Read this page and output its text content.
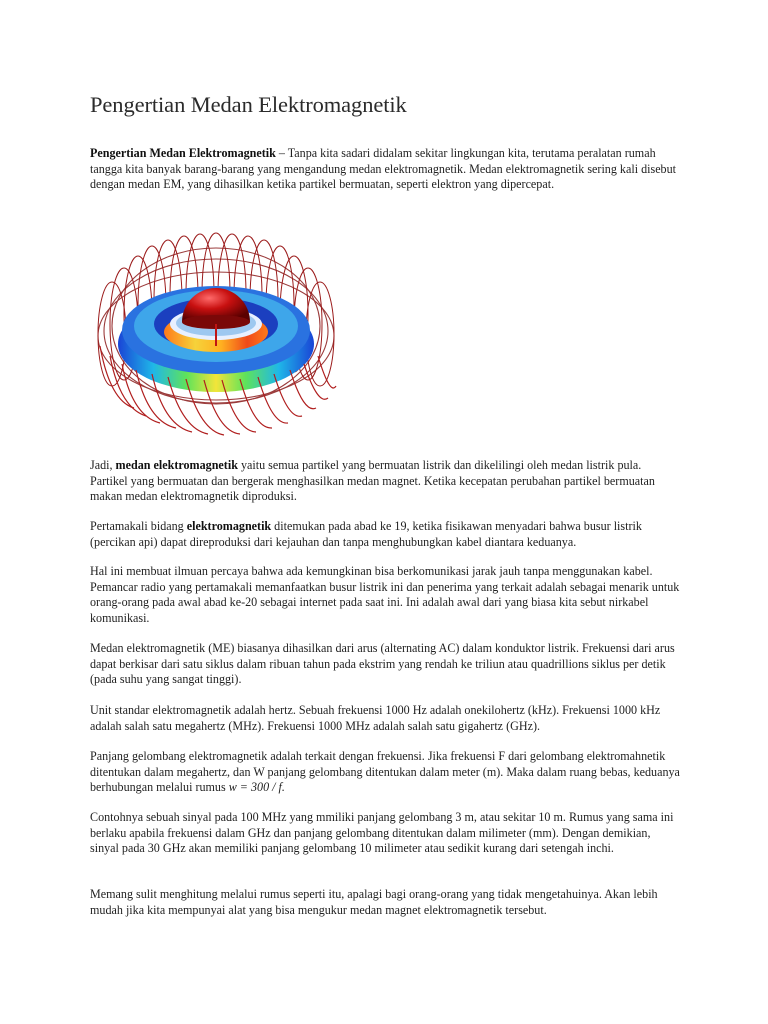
Pengertian Medan Elektromagnetik

Pengertian Medan Elektromagnetik – Tanpa kita sadari didalam sekitar lingkungan kita, terutama peralatan rumah tangga kita banyak barang-barang yang mengandung medan elektromagnetik. Medan elektromagnetik sering kali disebut dengan medan EM, yang dihasilkan ketika partikel bermuatan, seperti elektron yang dipercepat.

Jadi, medan elektromagnetik yaitu semua partikel yang bermuatan listrik dan dikelilingi oleh medan listrik pula. Partikel yang bermuatan dan bergerak menghasilkan medan magnet. Ketika kecepatan perubahan partikel bermuatan makan medan elektromagnetik diproduksi.

Pertamakali bidang elektromagnetik ditemukan pada abad ke 19, ketika fisikawan menyadari bahwa busur listrik (percikan api) dapat direproduksi dari kejauhan dan tanpa menghubungkan kabel diantara keduanya.

Hal ini membuat ilmuan percaya bahwa ada kemungkinan bisa berkomunikasi jarak jauh tanpa menggunakan kabel. Pemancar radio yang pertamakali memanfaatkan busur listrik ini dan penerima yang terkait adalah sebagai menarik untuk orang-orang pada awal abad ke-20 sebagai internet pada saat ini. Ini adalah awal dari yang biasa kita sebut nirkabel komunikasi.

Medan elektromagnetik (ME) biasanya dihasilkan dari arus (alternating AC) dalam konduktor listrik. Frekuensi dari arus dapat berkisar dari satu siklus dalam ribuan tahun pada ekstrim yang rendah ke triliun atau quadrillions siklus per detik (pada suhu yang sangat tinggi).

Unit standar elektromagnetik adalah hertz. Sebuah frekuensi 1000 Hz adalah onekilohertz (kHz). Frekuensi 1000 kHz adalah salah satu megahertz (MHz). Frekuensi 1000 MHz adalah salah satu gigahertz (GHz).

Panjang gelombang elektromagnetik adalah terkait dengan frekuensi. Jika frekuensi F dari gelombang elektromahnetik ditentukan dalam megahertz, dan W panjang gelombang ditentukan dalam meter (m). Maka dalam ruang bebas, keduanya berhubungan melalui rumus w = 300 / f.

Contohnya sebuah sinyal pada 100 MHz yang mmiliki panjang gelombang 3 m, atau sekitar 10 m. Rumus yang sama ini berlaku apabila frekuensi dalam GHz dan panjang gelombang ditentukan dalam milimeter (mm). Dengan demikian, sinyal pada 30 GHz akan memiliki panjang gelombang 10 milimeter atau sedikit kurang dari setengah inchi.

Memang sulit menghitung melalui rumus seperti itu, apalagi bagi orang-orang yang tidak mengetahuinya. Akan lebih mudah jika kita mempunyai alat yang bisa mengukur medan magnet elektromagnetik tersebut.
